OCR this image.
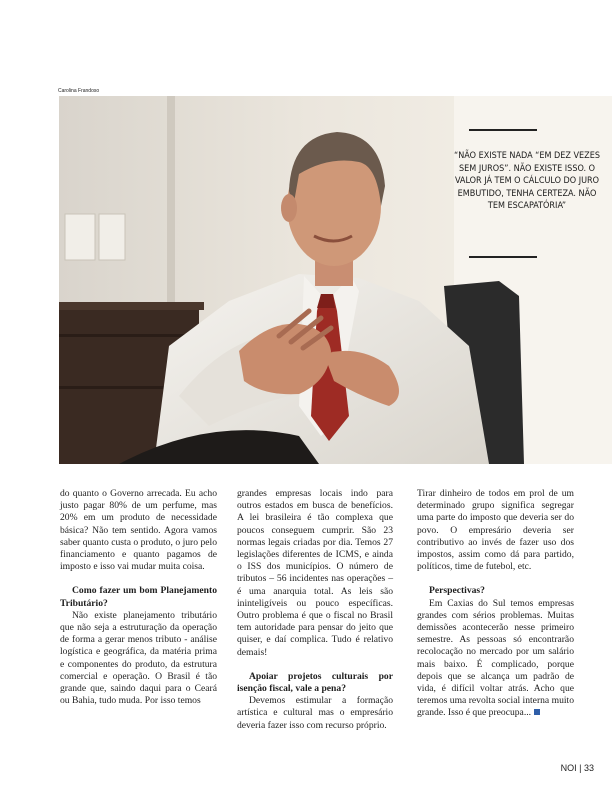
Carolina Frandoso
“NÃO EXISTE NADA “EM DEZ VEZES SEM JUROS”. NÃO EXISTE ISSO. O VALOR JÁ TEM O CÁLCULO DO JURO EMBUTIDO, TENHA CERTEZA. NÃO TEM ESCAPATÓRIA”

do quanto o Governo arrecada. Eu acho justo pagar 80% de um perfume, mas 20% em um produto de necessidade básica? Não tem sentido. Agora vamos saber quanto custa o produto, o juro pelo financiamento e quanto pagamos de imposto e isso vai mudar muita coisa.

Como fazer um bom Planejamento Tributário?

Não existe planejamento tributário que não seja a estruturação da operação de forma a gerar menos tributo - análise logística e geográfica, da matéria prima e componentes do produto, da estrutura comercial e operação. O Brasil é tão grande que, saindo daqui para o Ceará ou Bahia, tudo muda. Por isso temos

grandes empresas locais indo para outros estados em busca de benefícios. A lei brasileira é tão complexa que poucos conseguem cumprir. São 23 normas legais criadas por dia. Temos 27 legislações diferentes de ICMS, e ainda o ISS dos municípios. O número de tributos – 56 incidentes nas operações – é uma anarquia total. As leis são ininteligíveis ou pouco específicas. Outro problema é que o fiscal no Brasil tem autoridade para pensar do jeito que quiser, e daí complica. Tudo é relativo demais!

Apoiar projetos culturais por isenção fiscal, vale a pena?

Devemos estimular a formação artística e cultural mas o empresário deveria fazer isso com recurso próprio.

Tirar dinheiro de todos em prol de um determinado grupo significa segregar uma parte do imposto que deveria ser do povo. O empresário deveria ser contributivo ao invés de fazer uso dos impostos, assim como dá para partido, políticos, time de futebol, etc.

Perspectivas?

Em Caxias do Sul temos empresas grandes com sérios problemas. Muitas demissões acontecerão nesse primeiro semestre. As pessoas só encontrarão recolocação no mercado por um salário mais baixo. É complicado, porque depois que se alcança um padrão de vida, é difícil voltar atrás. Acho que teremos uma revolta social interna muito grande. Isso é que preocupa...

NOI | 33
